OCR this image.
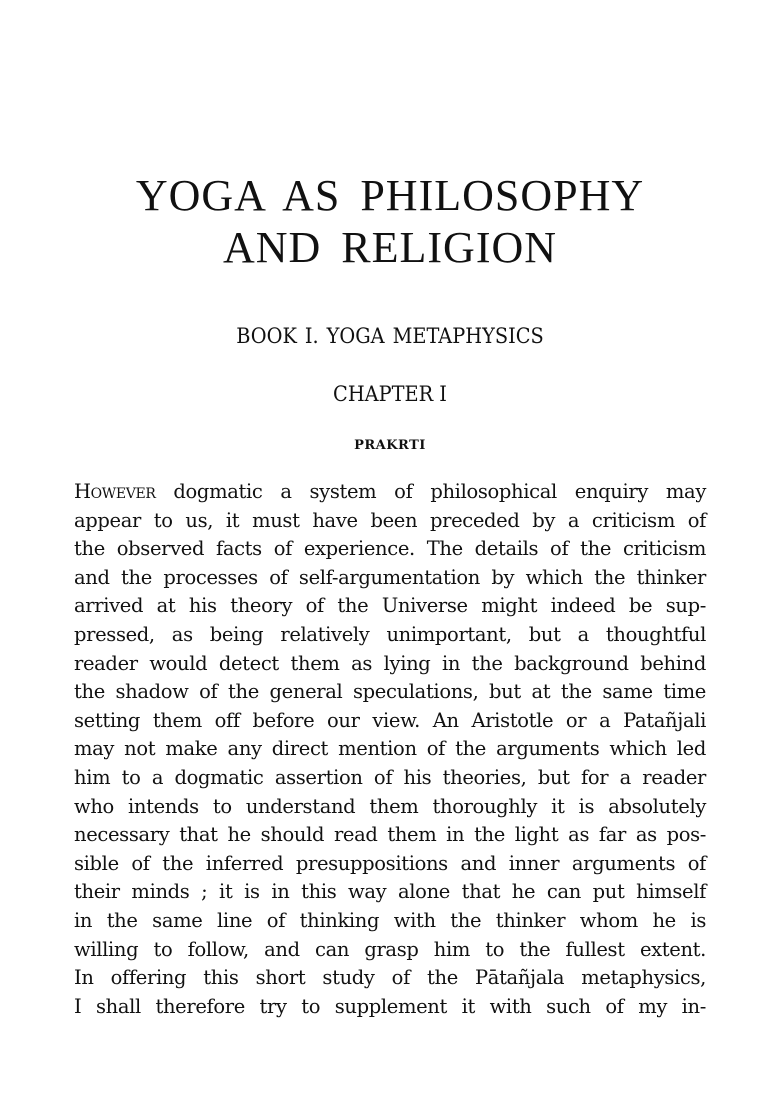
YOGA AS PHILOSOPHY
AND RELIGION
BOOK I. YOGA METAPHYSICS
CHAPTER I
PRAKRTI
However dogmatic a system of philosophical enquiry may
appear to us, it must have been preceded by a criticism of
the observed facts of experience. The details of the criticism
and the processes of self-argumentation by which the thinker
arrived at his theory of the Universe might indeed be sup-
pressed, as being relatively unimportant, but a thoughtful
reader would detect them as lying in the background behind
the shadow of the general speculations, but at the same time
setting them off before our view. An Aristotle or a Patañjali
may not make any direct mention of the arguments which led
him to a dogmatic assertion of his theories, but for a reader
who intends to understand them thoroughly it is absolutely
necessary that he should read them in the light as far as pos-
sible of the inferred presuppositions and inner arguments of
their minds ; it is in this way alone that he can put himself
in the same line of thinking with the thinker whom he is
willing to follow, and can grasp him to the fullest extent.
In offering this short study of the Pātañjala metaphysics,
I shall therefore try to supplement it with such of my in-
